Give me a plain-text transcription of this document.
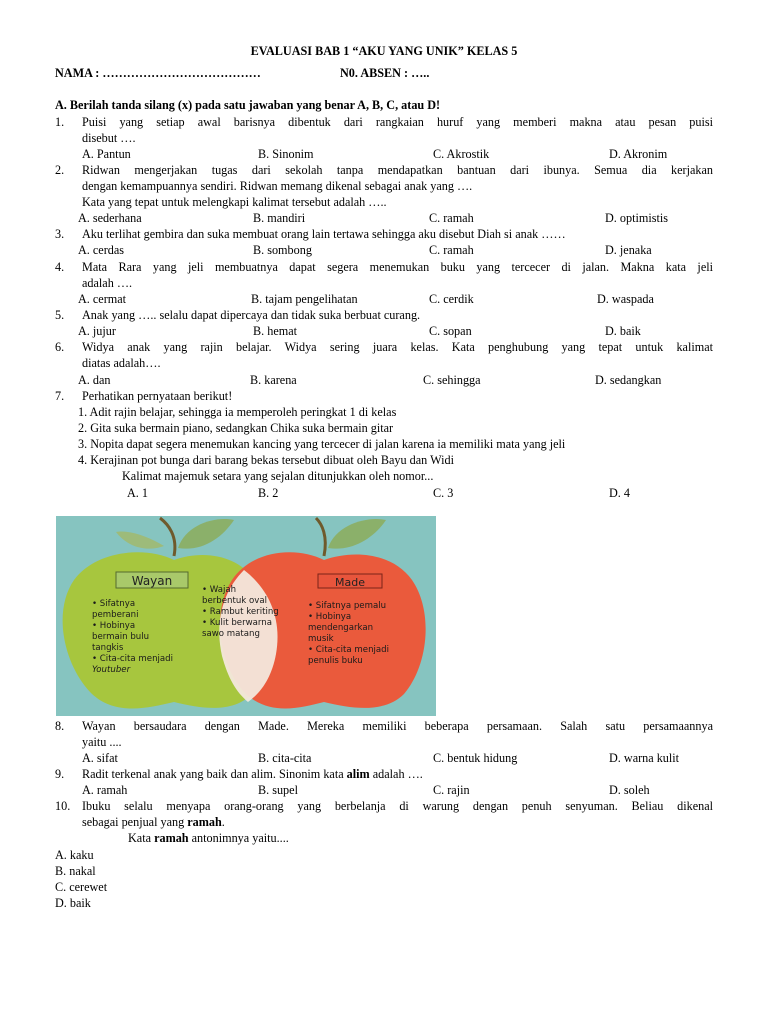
EVALUASI BAB 1 “AKU YANG UNIK” KELAS 5
NAMA : …………………………………	N0. ABSEN : …..
A. Berilah tanda silang (x) pada satu jawaban yang benar A, B, C, atau D!
1. Puisi yang setiap awal barisnya dibentuk dari rangkaian huruf yang memberi makna atau pesan puisi
disebut ….
A. Pantun	B. Sinonim	C. Akrostik	D. Akronim
2. Ridwan mengerjakan tugas dari sekolah tanpa mendapatkan bantuan dari ibunya. Semua dia kerjakan
dengan kemampuannya sendiri. Ridwan memang dikenal sebagai anak yang ….
Kata yang tepat untuk melengkapi kalimat tersebut adalah …..
A. sederhana	B. mandiri	C. ramah	D. optimistis
3. Aku terlihat gembira dan suka membuat orang lain tertawa sehingga aku disebut Diah si anak ……
A. cerdas	B. sombong	C. ramah	D. jenaka
4. Mata Rara yang jeli membuatnya dapat segera menemukan buku yang tercecer di jalan. Makna kata jeli
adalah ….
A. cermat	B. tajam pengelihatan	C. cerdik	D. waspada
5. Anak yang ….. selalu dapat dipercaya dan tidak suka berbuat curang.
A. jujur	B. hemat	C. sopan	D. baik
6. Widya anak yang rajin belajar. Widya sering juara kelas. Kata penghubung yang tepat untuk kalimat
diatas adalah….
A. dan	B. karena	C. sehingga	D. sedangkan
7. Perhatikan pernyataan berikut!
1. Adit rajin belajar, sehingga ia memperoleh peringkat 1 di kelas
2. Gita suka bermain piano, sedangkan Chika suka bermain gitar
3. Nopita dapat segera menemukan kancing yang tercecer di jalan karena ia memiliki mata yang jeli
4. Kerajinan pot bunga dari barang bekas tersebut dibuat oleh Bayu dan Widi
Kalimat majemuk setara yang sejalan ditunjukkan oleh nomor...
A. 1	B. 2	C. 3	D. 4
Wayan	Made
• Sifatnya
pemberani
• Hobinya
bermain bulu
tangkis
• Cita-cita menjadi
Youtuber
• Wajah
berbentuk oval
• Rambut keriting
• Kulit berwarna
sawo matang
• Sifatnya pemalu
• Hobinya
mendengarkan
musik
• Cita-cita menjadi
penulis buku
8. Wayan bersaudara dengan Made. Mereka memiliki beberapa persamaan. Salah satu persamaannya
yaitu ....
A. sifat	B. cita-cita	C. bentuk hidung	D. warna kulit
9. Radit terkenal anak yang baik dan alim. Sinonim kata alim adalah ….
A. ramah	B. supel	C. rajin	D. soleh
10. Ibuku selalu menyapa orang-orang yang berbelanja di warung dengan penuh senyuman. Beliau dikenal
sebagai penjual yang ramah.
Kata ramah antonimnya yaitu....
A. kaku
B. nakal
C. cerewet
D. baik
